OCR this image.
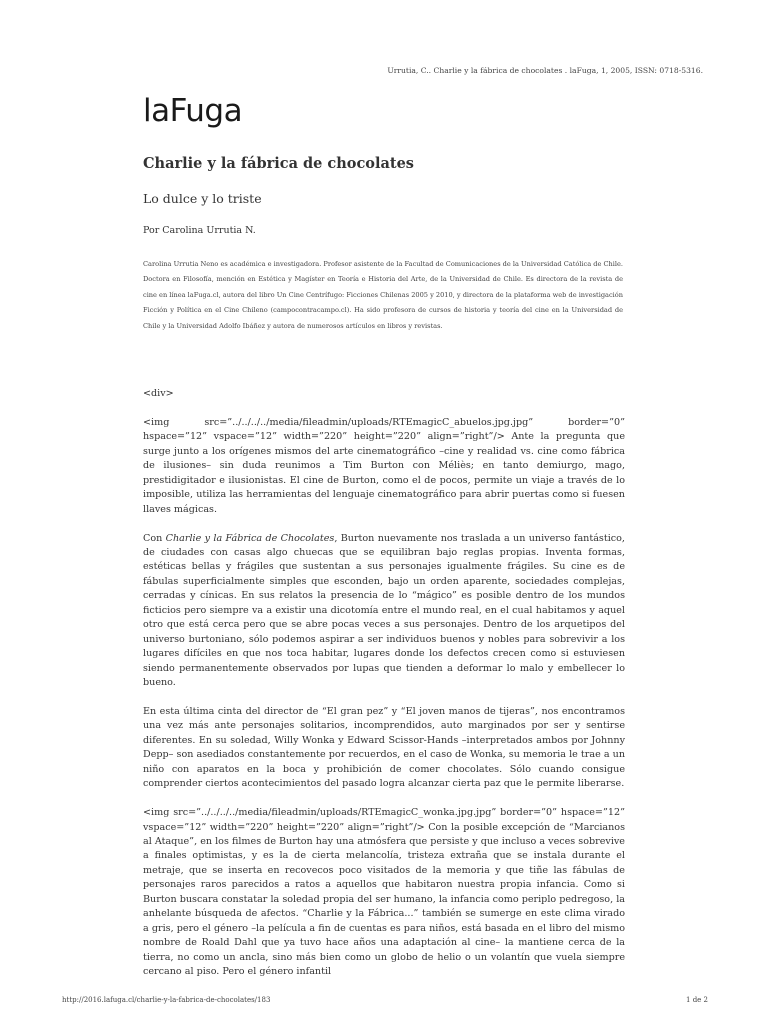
Urrutia, C.. Charlie y la fábrica de chocolates . laFuga, 1, 2005, ISSN: 0718-5316.
laFuga
Charlie y la fábrica de chocolates
Lo dulce y lo triste
Por Carolina Urrutia N.
Carolina Urrutia Neno es académica e investigadora. Profesor asistente de la Facultad de Comunicaciones de la Universidad Católica de Chile. Doctora en Filosofía, mención en Estética y Magíster en Teoría e Historia del Arte, de la Universidad de Chile. Es directora de la revista de cine en línea laFuga.cl, autora del libro Un Cine Centrífugo: Ficciones Chilenas 2005 y 2010, y directora de la plataforma web de investigación Ficción y Política en el Cine Chileno (campocontracampo.cl). Ha sido profesora de cursos de historia y teoría del cine en la Universidad de Chile y la Universidad Adolfo Ibáñez y autora de numerosos artículos en libros y revistas.

<div>

<img src=”../../../../media/fileadmin/uploads/RTEmagicC_abuelos.jpg.jpg” border=”0” hspace=”12” vspace=”12” width=”220” height=”220” align=”right”/> Ante la pregunta que surge junto a los orígenes mismos del arte cinematográfico –cine y realidad vs. cine como fábrica de ilusiones– sin duda reunimos a Tim Burton con Méliès; en tanto demiurgo, mago, prestidigitador e ilusionistas. El cine de Burton, como el de pocos, permite un viaje a través de lo imposible, utiliza las herramientas del lenguaje cinematográfico para abrir puertas como si fuesen llaves mágicas.

Con Charlie y la Fábrica de Chocolates, Burton nuevamente nos traslada a un universo fantástico, de ciudades con casas algo chuecas que se equilibran bajo reglas propias. Inventa formas, estéticas bellas y frágiles que sustentan a sus personajes igualmente frágiles. Su cine es de fábulas superficialmente simples que esconden, bajo un orden aparente, sociedades complejas, cerradas y cínicas. En sus relatos la presencia de lo “mágico” es posible dentro de los mundos ficticios pero siempre va a existir una dicotomía entre el mundo real, en el cual habitamos y aquel otro que está cerca pero que se abre pocas veces a sus personajes. Dentro de los arquetipos del universo burtoniano, sólo podemos aspirar a ser individuos buenos y nobles para sobrevivir a los lugares difíciles en que nos toca habitar, lugares donde los defectos crecen como si estuviesen siendo permanentemente observados por lupas que tienden a deformar lo malo y embellecer lo bueno.

En esta última cinta del director de “El gran pez” y “El joven manos de tijeras”, nos encontramos una vez más ante personajes solitarios, incomprendidos, auto marginados por ser y sentirse diferentes. En su soledad, Willy Wonka y Edward Scissor-Hands –interpretados ambos por Johnny Depp– son asediados constantemente por recuerdos, en el caso de Wonka, su memoria le trae a un niño con aparatos en la boca y prohibición de comer chocolates. Sólo cuando consigue comprender ciertos acontecimientos del pasado logra alcanzar cierta paz que le permite liberarse.

<img src=”../../../../media/fileadmin/uploads/RTEmagicC_wonka.jpg.jpg” border=”0” hspace=”12” vspace=”12” width=”220” height=”220” align=”right”/> Con la posible excepción de “Marcianos al Ataque”, en los filmes de Burton hay una atmósfera que persiste y que incluso a veces sobrevive a finales optimistas, y es la de cierta melancolía, tristeza extraña que se instala durante el metraje, que se inserta en recovecos poco visitados de la memoria y que tiñe las fábulas de personajes raros parecidos a ratos a aquellos que habitaron nuestra propia infancia. Como si Burton buscara constatar la soledad propia del ser humano, la infancia como periplo pedregoso, la anhelante búsqueda de afectos. “Charlie y la Fábrica...” también se sumerge en este clima virado a gris, pero el género –la película a fin de cuentas es para niños, está basada en el libro del mismo nombre de Roald Dahl que ya tuvo hace años una adaptación al cine– la mantiene cerca de la tierra, no como un ancla, sino más bien como un globo de helio o un volantín que vuela siempre cercano al piso. Pero el género infantil

http://2016.lafuga.cl/charlie-y-la-fabrica-de-chocolates/183	1 de 2
